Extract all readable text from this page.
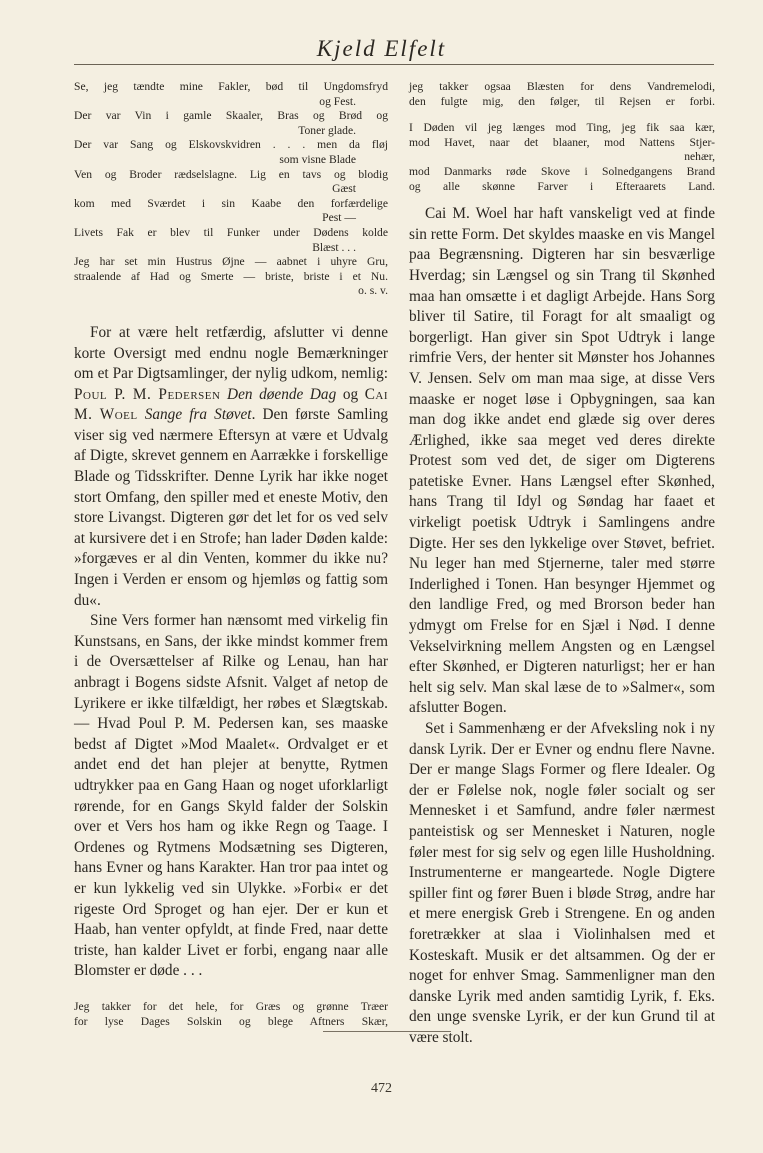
Kjeld Elfelt
Se, jeg tændte mine Fakler, bød til Ungdomsfryd
og Fest.
Der var Vin i gamle Skaaler, Bras og Brød og
Toner glade.
Der var Sang og Elskovskvidren . . . men da fløj
som visne Blade
Ven og Broder rædselslagne. Lig en tavs og blodig
Gæst
kom med Sværdet i sin Kaabe den forfærdelige
Pest —
Livets Fak er blev til Funker under Dødens kolde
Blæst . . .
Jeg har set min Hustrus Øjne — aabnet i uhyre Gru,
straalende af Had og Smerte — briste, briste i et Nu.
o. s. v.
For at være helt retfærdig, afslutter vi denne korte Oversigt med endnu nogle Bemærkninger om et Par Digtsamlinger, der nylig udkom, nemlig: Poul P. M. Pedersen Den døende Dag og Cai M. Woel Sange fra Støvet. Den første Samling viser sig ved nærmere Eftersyn at være et Udvalg af Digte, skrevet gennem en Aarrække i forskellige Blade og Tidsskrifter. Denne Lyrik har ikke noget stort Omfang, den spiller med et eneste Motiv, den store Livangst. Digteren gør det let for os ved selv at kursivere det i en Strofe; han lader Døden kalde: »forgæves er al din Venten, kommer du ikke nu? Ingen i Verden er ensom og hjemløs og fattig som du«.
Sine Vers former han nænsomt med virkelig fin Kunstsans, en Sans, der ikke mindst kommer frem i de Oversættelser af Rilke og Lenau, han har anbragt i Bogens sidste Afsnit. Valget af netop de Lyrikere er ikke tilfældigt, her røbes et Slægtskab. — Hvad Poul P. M. Pedersen kan, ses maaske bedst af Digtet »Mod Maalet«. Ordvalget er et andet end det han plejer at benytte, Rytmen udtrykker paa en Gang Haan og noget uforklarligt rørende, for en Gangs Skyld falder der Solskin over et Vers hos ham og ikke Regn og Taage. I Ordenes og Rytmens Modsætning ses Digteren, hans Evner og hans Karakter. Han tror paa intet og er kun lykkelig ved sin Ulykke. »Forbi« er det rigeste Ord Sproget og han ejer. Der er kun et Haab, han venter opfyldt, at finde Fred, naar dette triste, han kalder Livet er forbi, engang naar alle Blomster er døde . . .
Jeg takker for det hele, for Græs og grønne Træer
for lyse Dages Solskin og blege Aftners Skær,
jeg takker ogsaa Blæsten for dens Vandremelodi,
den fulgte mig, den følger, til Rejsen er forbi.
I Døden vil jeg længes mod Ting, jeg fik saa kær,
mod Havet, naar det blaaner, mod Nattens Stjer-
nehær,
mod Danmarks røde Skove i Solnedgangens Brand
og alle skønne Farver i Efteraarets Land.
Cai M. Woel har haft vanskeligt ved at finde sin rette Form. Det skyldes maaske en vis Mangel paa Begrænsning. Digteren har sin besværlige Hverdag; sin Længsel og sin Trang til Skønhed maa han omsætte i et dagligt Arbejde. Hans Sorg bliver til Satire, til Foragt for alt smaaligt og borgerligt. Han giver sin Spot Udtryk i lange rimfrie Vers, der henter sit Mønster hos Johannes V. Jensen. Selv om man maa sige, at disse Vers maaske er noget løse i Opbygningen, saa kan man dog ikke andet end glæde sig over deres Ærlighed, ikke saa meget ved deres direkte Protest som ved det, de siger om Digterens patetiske Evner. Hans Længsel efter Skønhed, hans Trang til Idyl og Søndag har faaet et virkeligt poetisk Udtryk i Samlingens andre Digte. Her ses den lykkelige over Støvet, befriet. Nu leger han med Stjernerne, taler med større Inderlighed i Tonen. Han besynger Hjemmet og den landlige Fred, og med Brorson beder han ydmygt om Frelse for en Sjæl i Nød. I denne Vekselvirkning mellem Angsten og en Længsel efter Skønhed, er Digteren naturligst; her er han helt sig selv. Man skal læse de to »Salmer«, som afslutter Bogen.
Set i Sammenhæng er der Afveksling nok i ny dansk Lyrik. Der er Evner og endnu flere Navne. Der er mange Slags Former og flere Idealer. Og der er Følelse nok, nogle føler socialt og ser Mennesket i et Samfund, andre føler nærmest panteistisk og ser Mennesket i Naturen, nogle føler mest for sig selv og egen lille Husholdning. Instrumenterne er mangeartede. Nogle Digtere spiller fint og fører Buen i bløde Strøg, andre har et mere energisk Greb i Strengene. En og anden foretrækker at slaa i Violinhalsen med et Kosteskaft. Musik er det altsammen. Og der er noget for enhver Smag. Sammenligner man den danske Lyrik med anden samtidig Lyrik, f. Eks. den unge svenske Lyrik, er der kun Grund til at være stolt.
472
